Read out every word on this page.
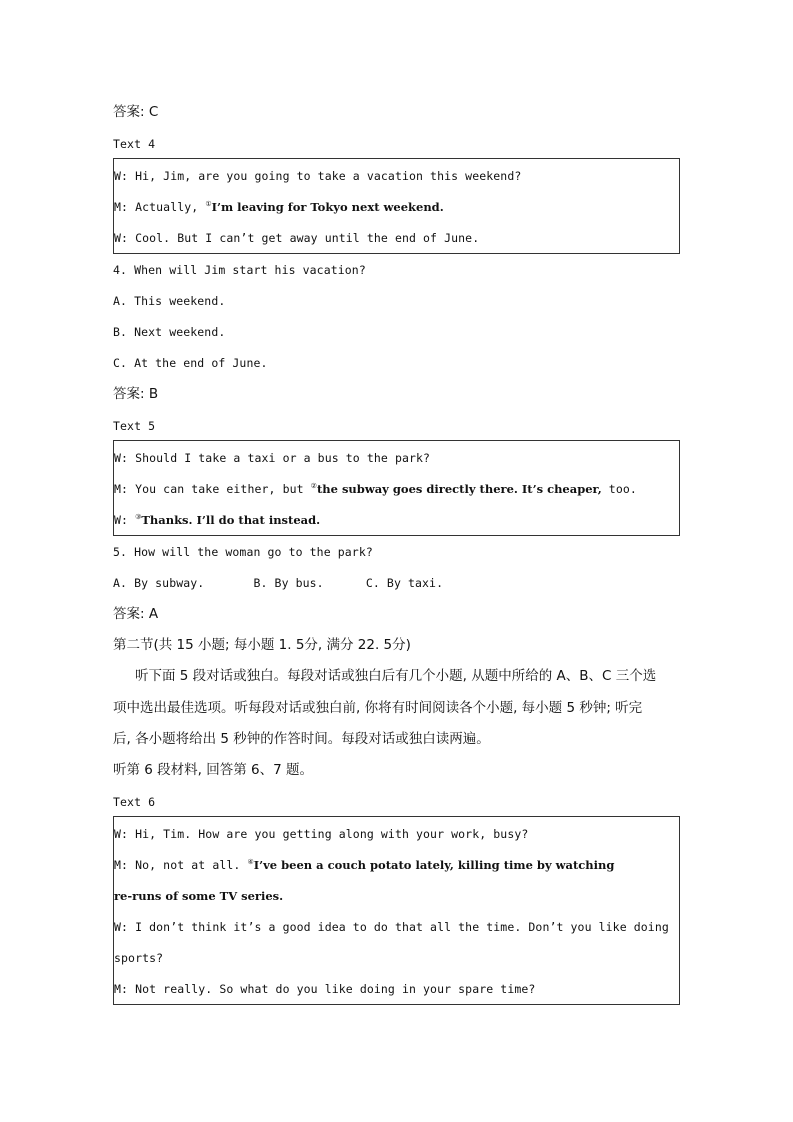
答案: C
Text 4
W: Hi, Jim, are you going to take a vacation this weekend?
M: Actually, ①I’m leaving for Tokyo next weekend.
W: Cool. But I can’t get away until the end of June.
4. When will Jim start his vacation?
A. This weekend.
B. Next weekend.
C. At the end of June.
答案: B
Text 5
W: Should I take a taxi or a bus to the park?
M: You can take either, but ②the subway goes directly there. It’s cheaper, too.
W: ③Thanks. I’ll do that instead.
5. How will the woman go to the park?
A. By subway.       B. By bus.      C. By taxi.
答案: A
第二节(共 15 小题; 每小题 1. 5分, 满分 22. 5分)
听下面 5 段对话或独白。每段对话或独白后有几个小题, 从题中所给的 A、B、C 三个选
项中选出最佳选项。听每段对话或独白前, 你将有时间阅读各个小题, 每小题 5 秒钟; 听完
后, 各小题将给出 5 秒钟的作答时间。每段对话或独白读两遍。
听第 6 段材料, 回答第 6、7 题。
Text 6
W: Hi, Tim. How are you getting along with your work, busy?
M: No, not at all. ④I’ve been a couch potato lately, killing time by watching
re-runs of some TV series.
W: I don’t think it’s a good idea to do that all the time. Don’t you like doing
sports?
M: Not really. So what do you like doing in your spare time?
